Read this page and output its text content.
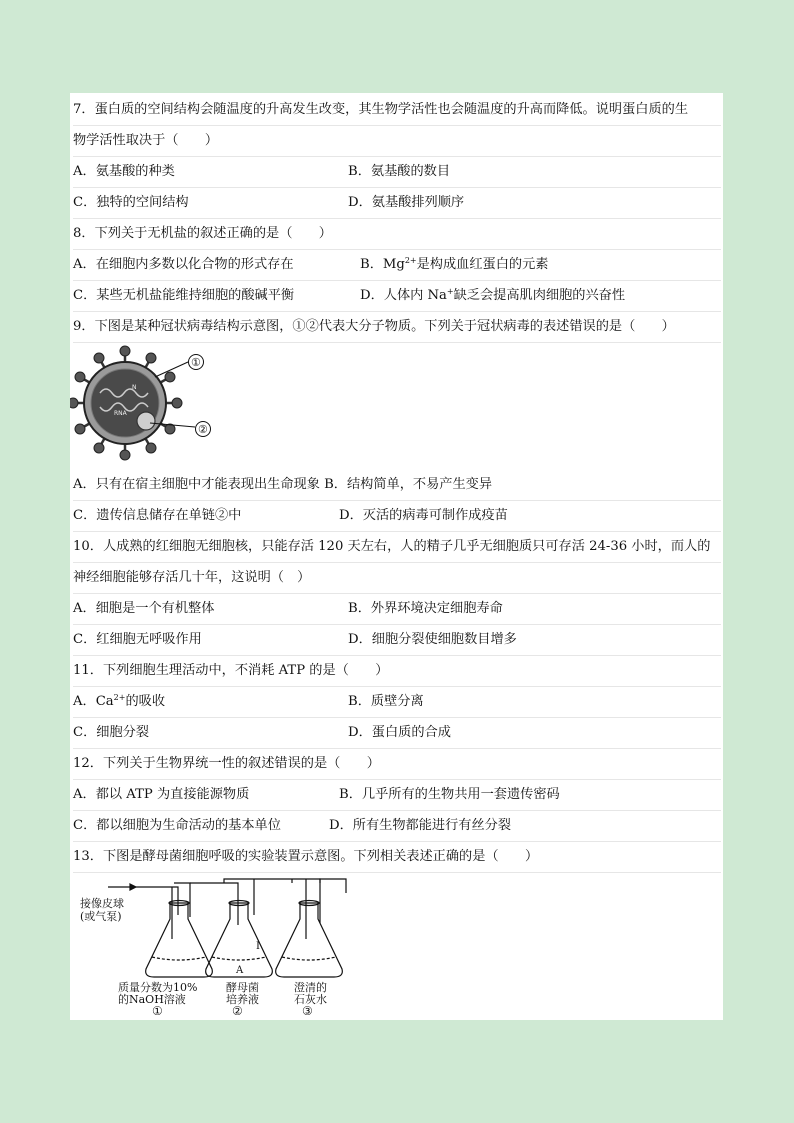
7．蛋白质的空间结构会随温度的升高发生改变，其生物学活性也会随温度的升高而降低。说明蛋白质的生
物学活性取决于（　　）
A．氨基酸的种类	B．氨基酸的数目
C．独特的空间结构	D．氨基酸排列顺序
8．下列关于无机盐的叙述正确的是（　　）
A．在细胞内多数以化合物的形式存在	B．$Mg^{2+}$是构成血红蛋白的元素
C．某些无机盐能维持细胞的酸碱平衡	D．人体内 Na+缺乏会提高肌肉细胞的兴奋性
9．下图是某种冠状病毒结构示意图，①②代表大分子物质。下列关于冠状病毒的表述错误的是（　　）
RNA
N
①
②
A．只有在宿主细胞中才能表现出生命现象 B．结构简单，不易产生变异
C．遗传信息储存在单链②中	D．灭活的病毒可制作成疫苗
10．人成熟的红细胞无细胞核，只能存活 120 天左右，人的精子几乎无细胞质只可存活 24-36 小时，而人的
神经细胞能够存活几十年，这说明（　）
A．细胞是一个有机整体	B．外界环境决定细胞寿命
C．红细胞无呼吸作用	D．细胞分裂使细胞数目增多
11．下列细胞生理活动中，不消耗 ATP 的是（　　）
A．$Ca^{2+}$的吸收	B．质壁分离
C．细胞分裂	D．蛋白质的合成
12．下列关于生物界统一性的叙述错误的是（　　）
A．都以 ATP 为直接能源物质	B．几乎所有的生物共用一套遗传密码
C．都以细胞为生命活动的基本单位	D．所有生物都能进行有丝分裂
13．下图是酵母菌细胞呼吸的实验装置示意图。下列相关表述正确的是（　　）
接像皮球
(或气泵)
A
I
质量分数为10%
的NaOH溶液
①
酵母菌
培养液
②
澄清的
石灰水
③
